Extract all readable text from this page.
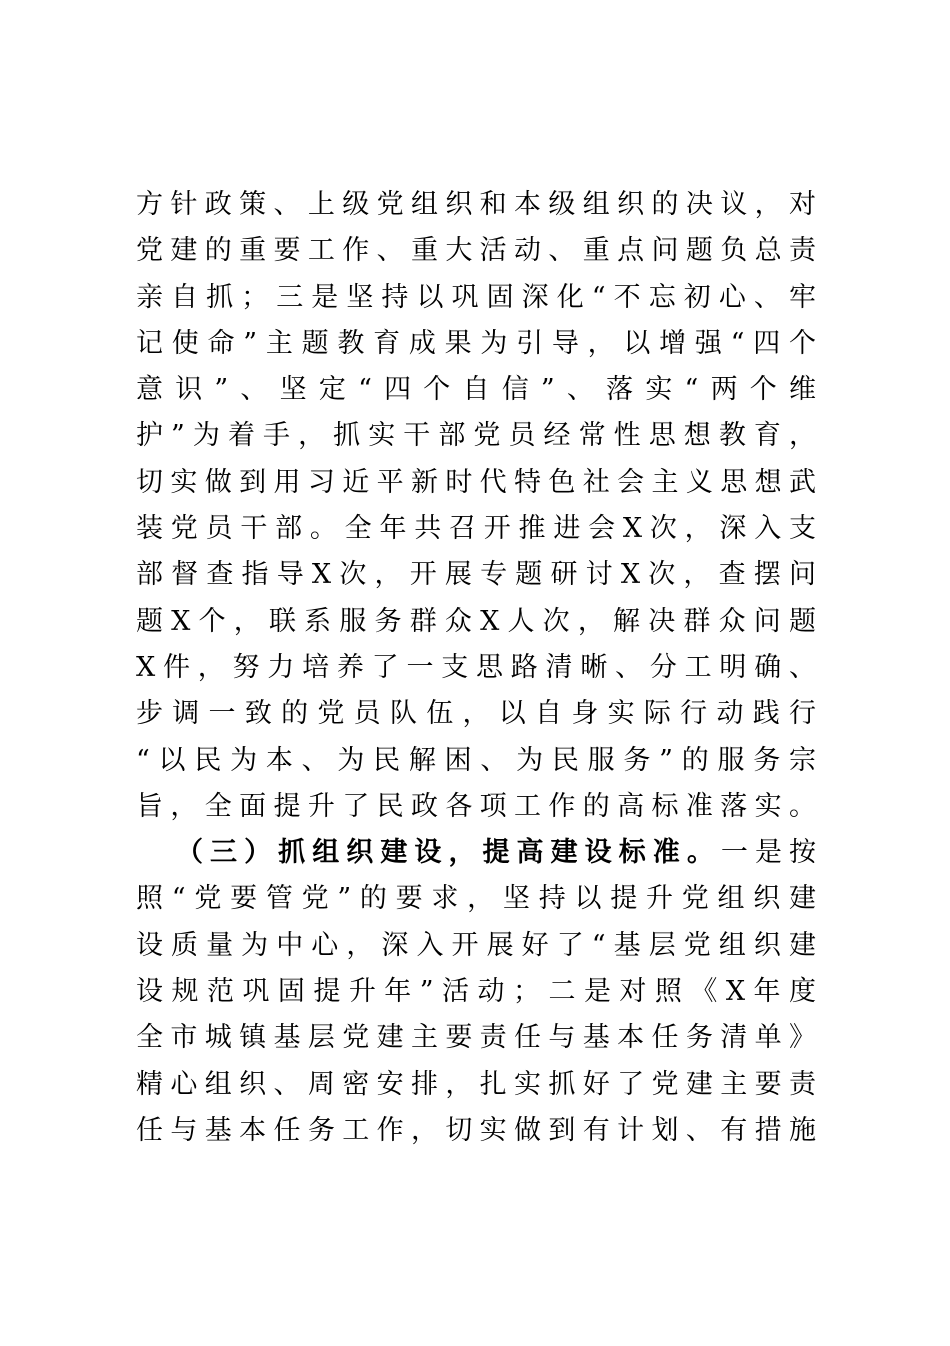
方针政策、上级党组织和本级组织的决议，对
党建的重要工作、重大活动、重点问题负总责
亲自抓；三是坚持以巩固深化“不忘初心、牢
记使命”主题教育成果为引导，以增强“四个
意识”、坚定“四个自信”、落实“两个维
护”为着手，抓实干部党员经常性思想教育，
切实做到用习近平新时代特色社会主义思想武
装党员干部。全年共召开推进会X次，深入支
部督查指导X次，开展专题研讨X次，查摆问
题X个，联系服务群众X人次，解决群众问题
X件，努力培养了一支思路清晰、分工明确、
步调一致的党员队伍，以自身实际行动践行
“以民为本、为民解困、为民服务”的服务宗
旨，全面提升了民政各项工作的高标准落实。
（三）抓组织建设，提高建设标准。一是按
照“党要管党”的要求，坚持以提升党组织建
设质量为中心，深入开展好了“基层党组织建
设规范巩固提升年”活动；二是对照《X年度
全市城镇基层党建主要责任与基本任务清单》
精心组织、周密安排，扎实抓好了党建主要责
任与基本任务工作，切实做到有计划、有措施
